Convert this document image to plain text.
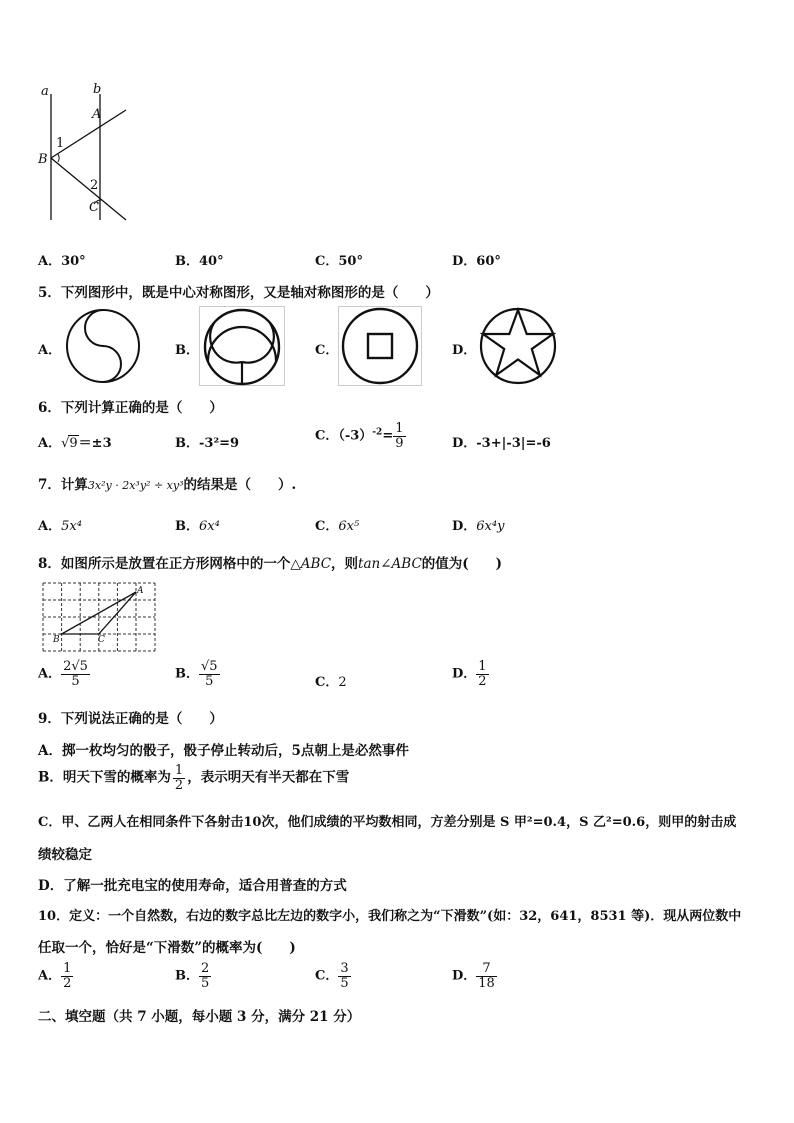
a	b
A
B
C
1
2
A．30°	B．40°	C．50°	D．60°
5．下列图形中，既是中心对称图形，又是轴对称图形的是（　　）
A．	B．	C．	D．
6．下列计算正确的是（　　）
A．√9＝±3	B．-3²=9	C．$(-3)^{-2}= \frac{1}{9}$	D．-3+|-3|=-6
7．计算3x²y · 2x³y² ÷ xy³的结果是（　　）.
A．5x⁴	B．6x⁴	C．6x⁵	D．6x⁴y
8．如图所示是放置在正方形网格中的一个△ABC，则tan∠ABC的值为(　　)
A
B	C
A． $\frac{2√5}{5}$	B． $\frac{√5}{5}$	C．2
D． $\frac{1}{2}$
9．下列说法正确的是（　　）
A．掷一枚均匀的骰子，骰子停止转动后，5点朝上是必然事件
B．明天下雪的概率为 $\frac{1}{2}$ ，表示明天有半天都在下雪
C．甲、乙两人在相同条件下各射击10次，他们成绩的平均数相同，方差分别是 S 甲²=0.4，S 乙²=0.6，则甲的射击成
绩较稳定
D．了解一批充电宝的使用寿命，适合用普查的方式
10．定义：一个自然数，右边的数字总比左边的数字小，我们称之为“下滑数”(如：32，641，8531 等)．现从两位数中
任取一个，恰好是“下滑数”的概率为(　　)
A． $\frac{1}{2}$	B． $\frac{2}{5}$	C． $\frac{3}{5}$	D． $\frac{7}{18}$
二、填空题（共 7 小题，每小题 3 分，满分 21 分）
